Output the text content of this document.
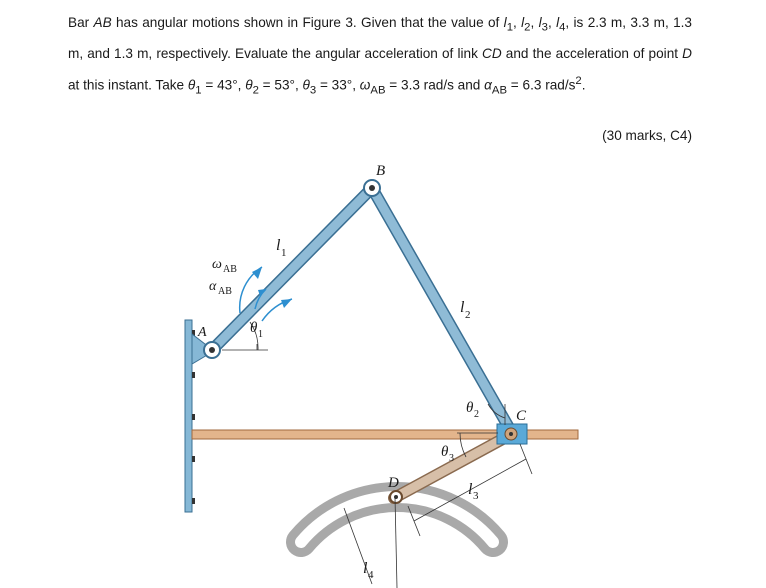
Bar AB has angular motions shown in Figure 3. Given that the value of $l_1$, $l_2$, $l_3$, $l_4$, is 2.3 m, 3.3 m, 1.3 m, and 1.3 m, respectively. Evaluate the angular acceleration of link CD and the acceleration of point D at this instant. Take $\theta_1 = 43^\circ$, $\theta_2 = 53^\circ$, $\theta_3 = 33^\circ$, $\omega_{AB} = 3.3$ rad/s and $\alpha_{AB} = 6.3$ rad/$s^2$.
(30 marks, C4)
B
A
C
D
ω AB
α AB
l 1
l 2
l 3
l 4
θ 1
θ 2
θ 3
